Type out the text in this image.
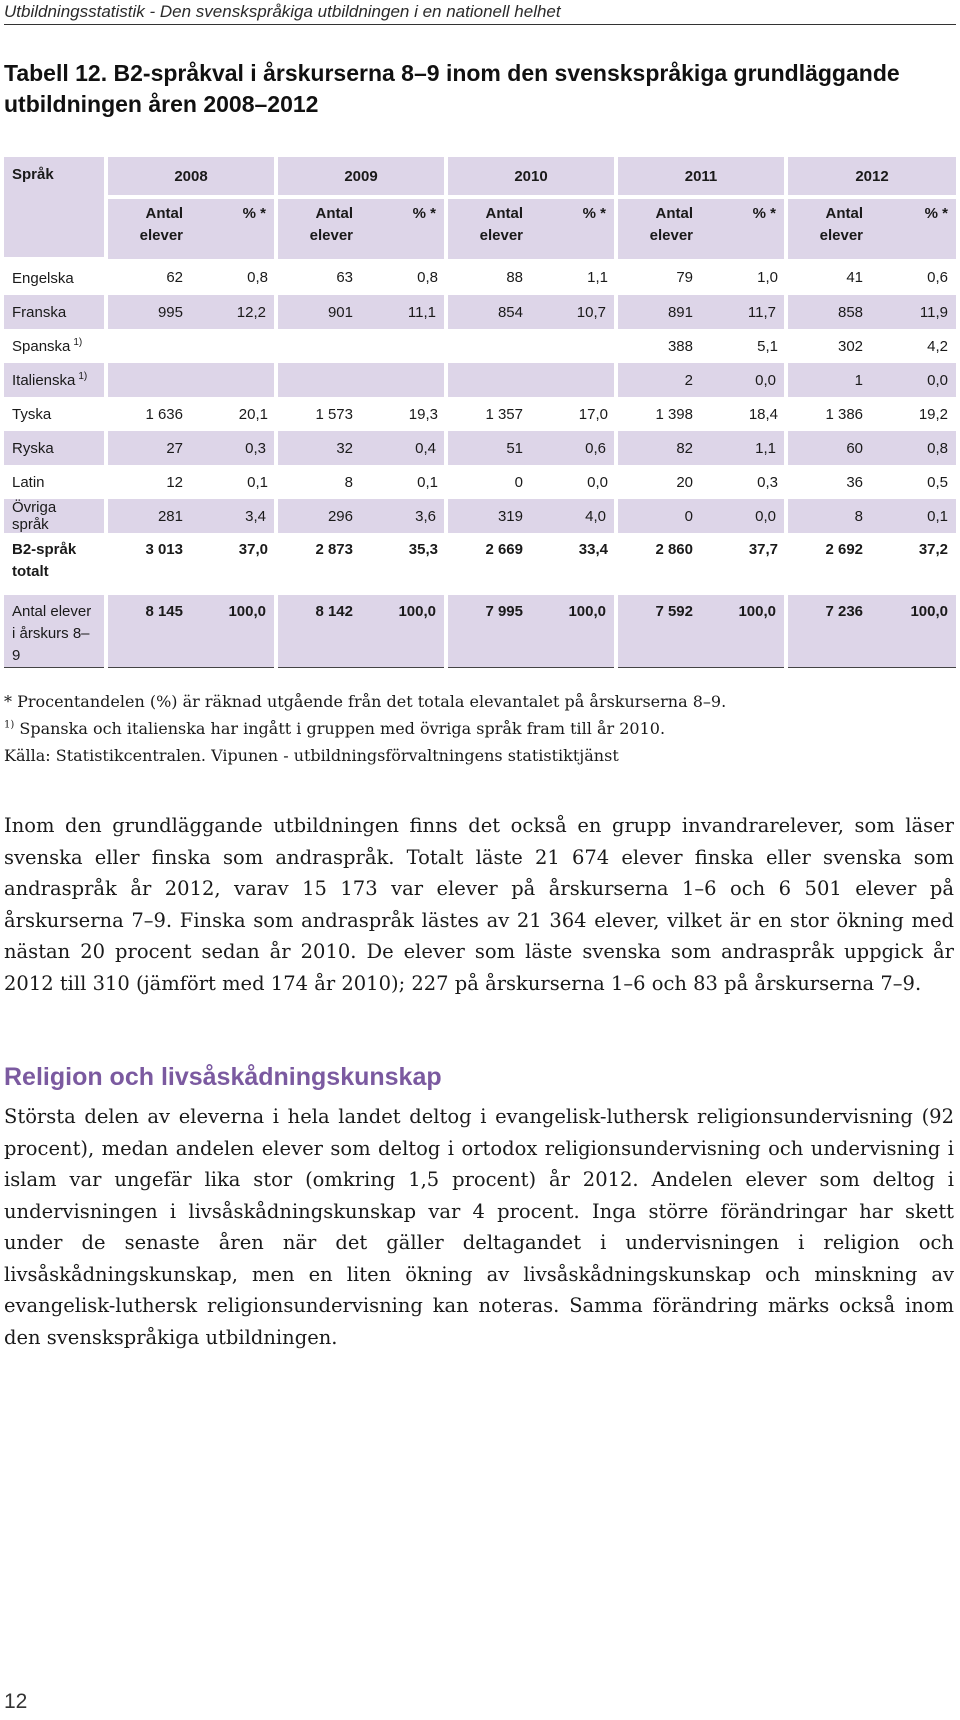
Utbildningsstatistik - Den svenskspråkiga utbildningen i en nationell helhet
Tabell 12. B2-språkval i årskurserna 8–9 inom den svenskspråkiga grundläggande utbildningen åren 2008–2012
Språk	2008		2009		2010		2011		2012	
	Antal elever	% *	Antal elever	% *	Antal elever	% *	Antal elever	% *	Antal elever	% *
Engelska	62	0,8	63	0,8	88	1,1	79	1,0	41	0,6
Franska	995	12,2	901	11,1	854	10,7	891	11,7	858	11,9
Spanska $^{1)}$							388	5,1	302	4,2
Italienska $^{1)}$							2	0,0	1	0,0
Tyska	1 636	20,1	1 573	19,3	1 357	17,0	1 398	18,4	1 386	19,2
Ryska	27	0,3	32	0,4	51	0,6	82	1,1	60	0,8
Latin	12	0,1	8	0,1	0	0,0	20	0,3	36	0,5
Övriga språk	281	3,4	296	3,6	319	4,0	0	0,0	8	0,1
B2-språk totalt	3 013	37,0	2 873	35,3	2 669	33,4	2 860	37,7	2 692	37,2
Antal elever i årskurs 8–9	8 145	100,0	8 142	100,0	7 995	100,0	7 592	100,0	7 236	100,0
* Procentandelen (%) är räknad utgående från det totala elevantalet på årskurserna 8–9.
$^{1)}$ Spanska och italienska har ingått i gruppen med övriga språk fram till år 2010.
Källa: Statistikcentralen. Vipunen - utbildningsförvaltningens statistiktjänst
Inom den grundläggande utbildningen finns det också en grupp invandrarelever, som läser svenska eller finska som andraspråk. Totalt läste 21 674 elever finska eller svenska som andraspråk år 2012, varav 15 173 var elever på årskurserna 1–6 och 6 501 elever på årskurserna 7–9. Finska som andraspråk lästes av 21 364 elever, vilket är en stor ökning med nästan 20 procent sedan år 2010. De elever som läste svenska som andraspråk uppgick år 2012 till 310 (jämfört med 174 år 2010); 227 på årskurserna 1–6 och 83 på årskurserna 7–9.
Religion och livsåskådningskunskap
Största delen av eleverna i hela landet deltog i evangelisk-luthersk religionsundervisning (92 procent), medan andelen elever som deltog i ortodox religionsundervisning och undervisning i islam var ungefär lika stor (omkring 1,5 procent) år 2012. Andelen elever som deltog i undervisningen i livsåskådningskunskap var 4 procent. Inga större förändringar har skett under de senaste åren när det gäller deltagandet i undervisningen i religion och livsåskådningskunskap, men en liten ökning av livsåskådningskunskap och minskning av evangelisk-luthersk religionsundervisning kan noteras. Samma förändring märks också inom den svenskspråkiga utbildningen.
12
